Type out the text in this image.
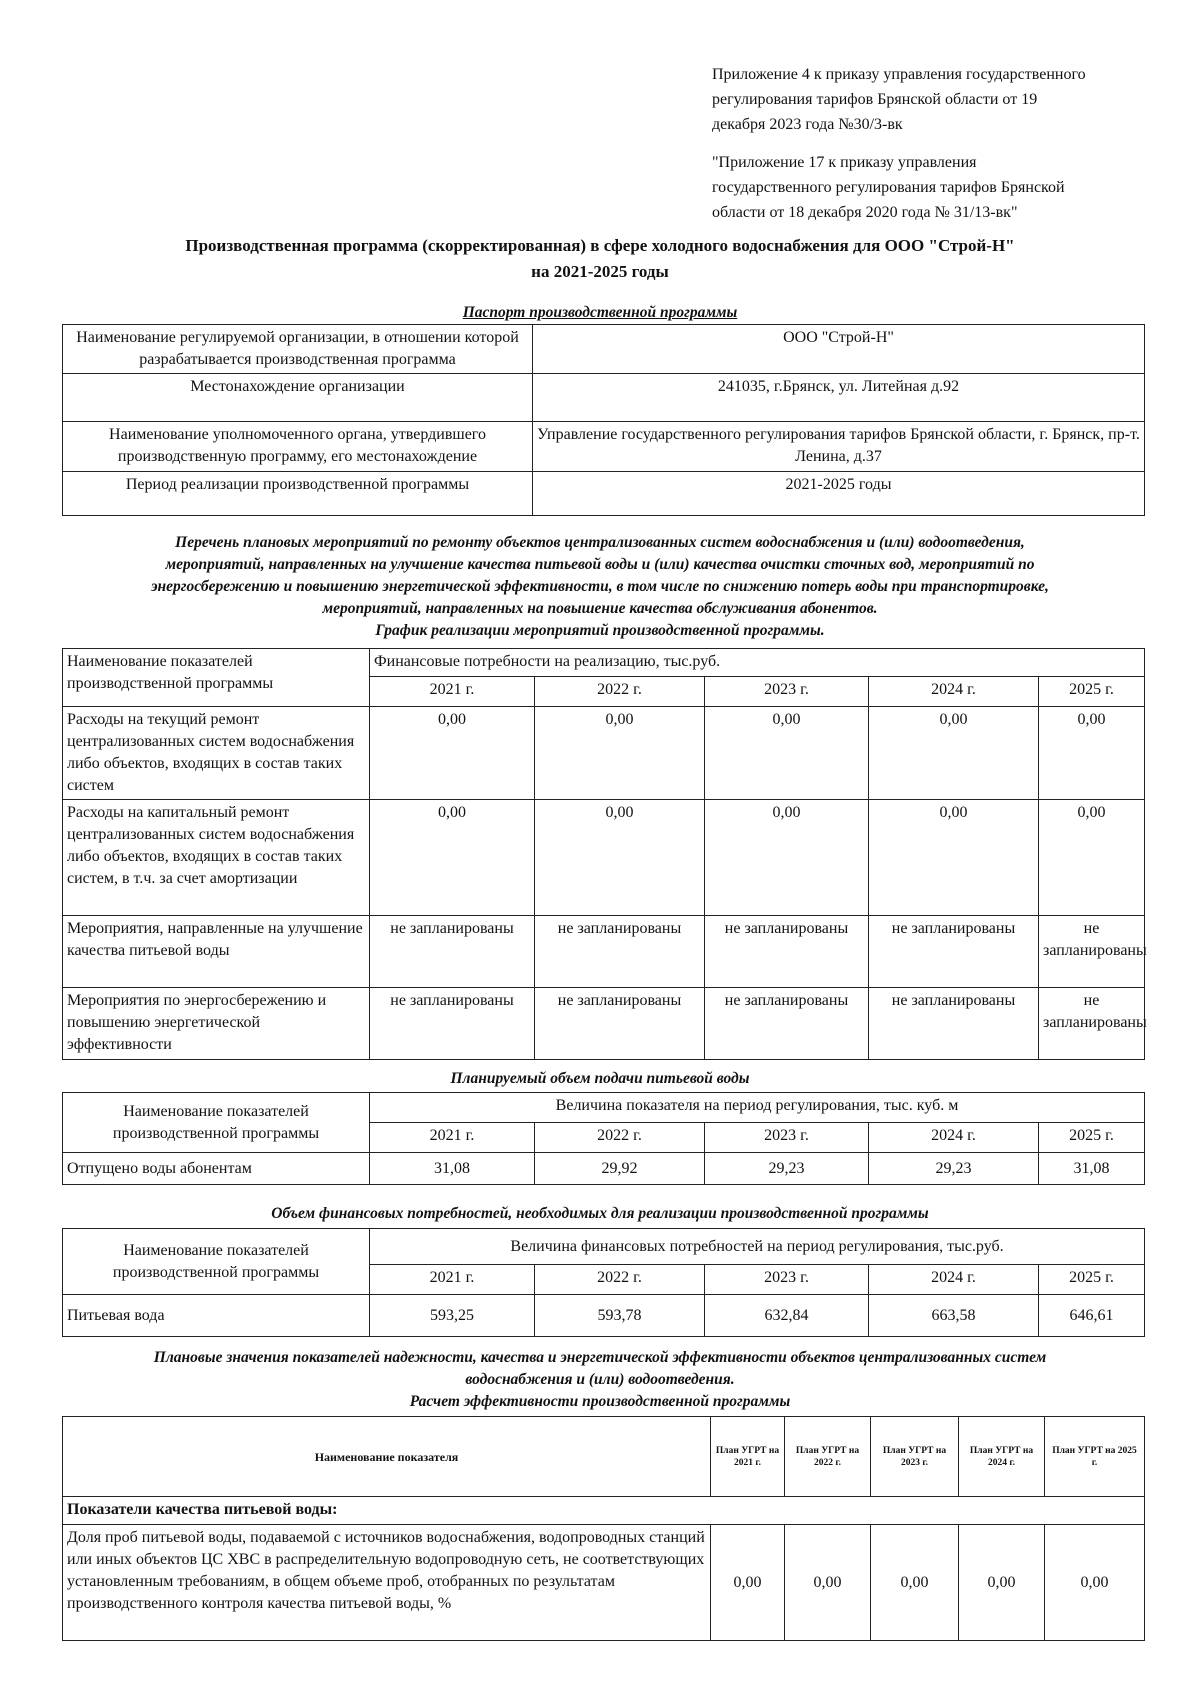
Приложение 4 к приказу управления государственного

регулирования тарифов Брянской области от 19

декабря 2023 года №30/3-вк

"Приложение 17 к приказу управления

государственного регулирования тарифов Брянской

области от 18 декабря 2020 года № 31/13-вк"

Производственная программа (скорректированная) в сфере холодного водоснабжения для ООО "Строй-Н"

на 2021-2025 годы

Паспорт производственной программы

Наименование регулируемой организации, в отношении которой разрабатывается производственная программа	ООО "Строй-Н"
Местонахождение организации	241035, г.Брянск, ул. Литейная д.92
Наименование уполномоченного органа, утвердившего производственную программу, его местонахождение	Управление государственного регулирования тарифов Брянской области, г. Брянск, пр-т. Ленина, д.37
Период реализации производственной программы	2021-2025 годы

Перечень плановых мероприятий по ремонту объектов централизованных систем водоснабжения и (или) водоотведения,

мероприятий, направленных на улучшение качества питьевой воды и (или) качества очистки сточных вод, мероприятий по

энергосбережению и повышению энергетической эффективности, в том числе по снижению потерь воды при транспортировке,

мероприятий, направленных на повышение качества обслуживания абонентов.

График реализации мероприятий производственной программы.

Наименование показателей производственной программы	Финансовые потребности на реализацию, тыс.руб.				
	2021 г.	2022 г.	2023 г.	2024 г.	2025 г.
Расходы на текущий ремонт централизованных систем водоснабжения либо объектов, входящих в состав таких систем	0,00	0,00	0,00	0,00	0,00
Расходы на капитальный ремонт централизованных систем водоснабжения либо объектов, входящих в состав таких систем, в т.ч. за счет амортизации	0,00	0,00	0,00	0,00	0,00
Мероприятия, направленные на улучшение качества питьевой воды	не запланированы	не запланированы	не запланированы	не запланированы	не запланированы
Мероприятия по энергосбережению и повышению энергетической эффективности	не запланированы	не запланированы	не запланированы	не запланированы	не запланированы

Планируемый объем подачи питьевой воды

Наименование показателей производственной программы	Величина показателя на период регулирования, тыс. куб. м				
	2021 г.	2022 г.	2023 г.	2024 г.	2025 г.
Отпущено воды абонентам	31,08	29,92	29,23	29,23	31,08

Объем финансовых потребностей, необходимых для реализации производственной программы

Наименование показателей производственной программы	Величина финансовых потребностей на период регулирования, тыс.руб.				
	2021 г.	2022 г.	2023 г.	2024 г.	2025 г.
Питьевая вода	593,25	593,78	632,84	663,58	646,61

Плановые значения показателей надежности, качества и энергетической эффективности объектов централизованных систем

водоснабжения и (или) водоотведения.

Расчет эффективности производственной программы

Наименование показателя	План УГРТ на 2021 г.	План УГРТ на 2022 г.	План УГРТ на 2023 г.	План УГРТ на 2024 г.	План УГРТ на 2025 г.
Показатели качества питьевой воды:					
Доля проб питьевой воды, подаваемой с источников водоснабжения, водопроводных станций или иных объектов ЦС ХВС в распределительную водопроводную сеть, не соответствующих установленным требованиям, в общем объеме проб, отобранных по результатам производственного контроля качества питьевой воды, %	0,00	0,00	0,00	0,00	0,00
